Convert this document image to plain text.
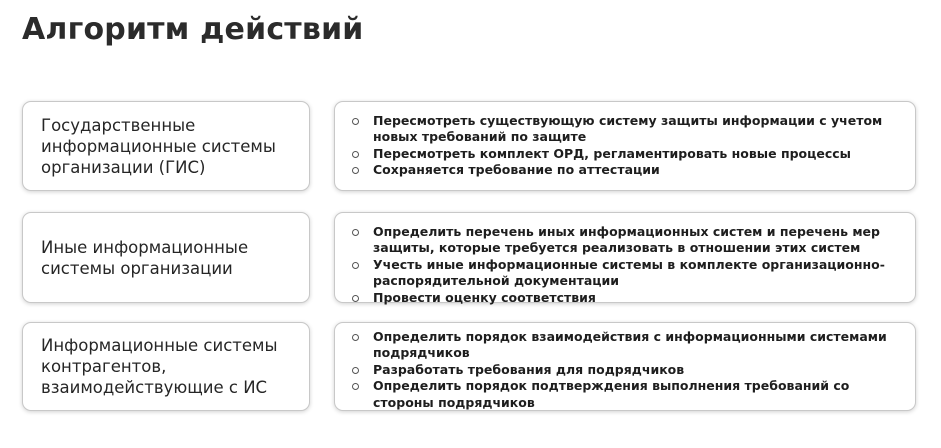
Алгоритм действий
Государственные информационные системы организации (ГИС)
Пересмотреть существующую систему защиты информации с учетом новых требований по защите
Пересмотреть комплект ОРД, регламентировать новые процессы
Сохраняется требование по аттестации
Иные информационные системы организации
Определить перечень иных информационных систем и перечень мер защиты, которые требуется реализовать в отношении этих систем
Учесть иные информационные системы в комплекте организационно-распорядительной документации
Провести оценку соответствия
Информационные системы контрагентов, взаимодействующие с ИС
Определить порядок взаимодействия с информационными системами подрядчиков
Разработать требования для подрядчиков
Определить порядок подтверждения выполнения требований со стороны подрядчиков
